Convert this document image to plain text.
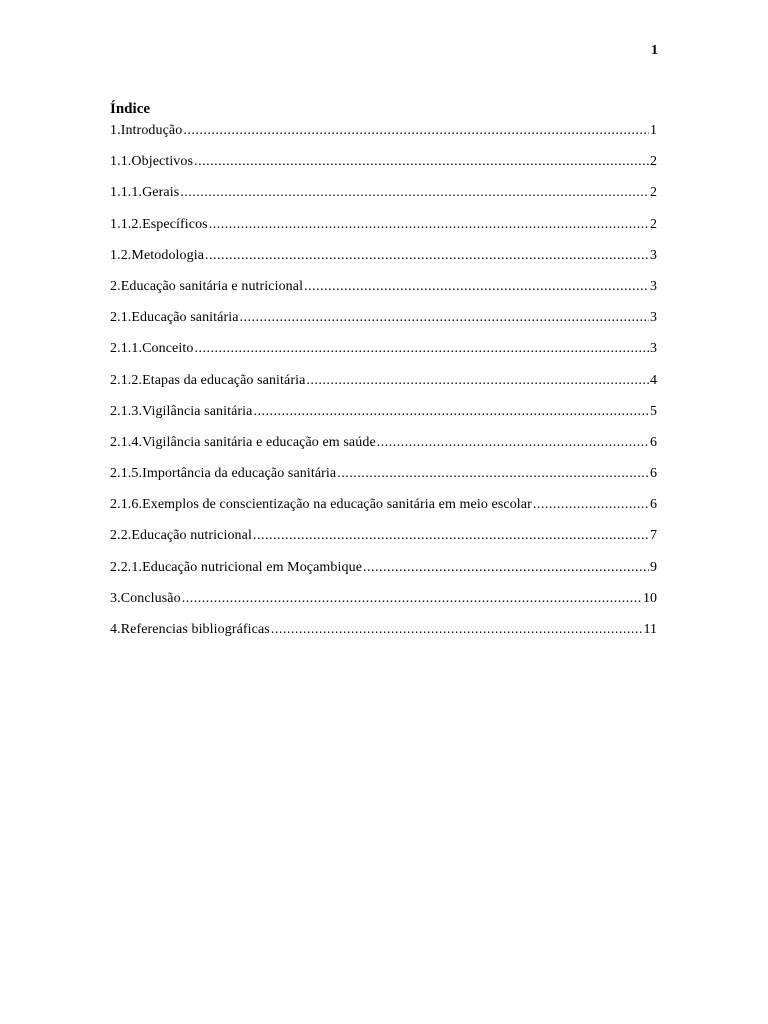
1
Índice
1.Introdução .....	1
1.1.Objectivos .....	2
1.1.1.Gerais .....	2
1.1.2.Específicos .....	2
1.2.Metodologia .....	3
2.Educação sanitária e nutricional .....	3
2.1.Educação sanitária .....	3
2.1.1.Conceito .....	3
2.1.2.Etapas da educação sanitária .....	4
2.1.3.Vigilância sanitária .....	5
2.1.4.Vigilância sanitária e educação em saúde .....	6
2.1.5.Importância da educação sanitária .....	6
2.1.6.Exemplos de conscientização na educação sanitária em meio escolar .....	6
2.2.Educação nutricional .....	7
2.2.1.Educação nutricional em Moçambique .....	9
3.Conclusão .....	10
4.Referencias bibliográficas .....	11
